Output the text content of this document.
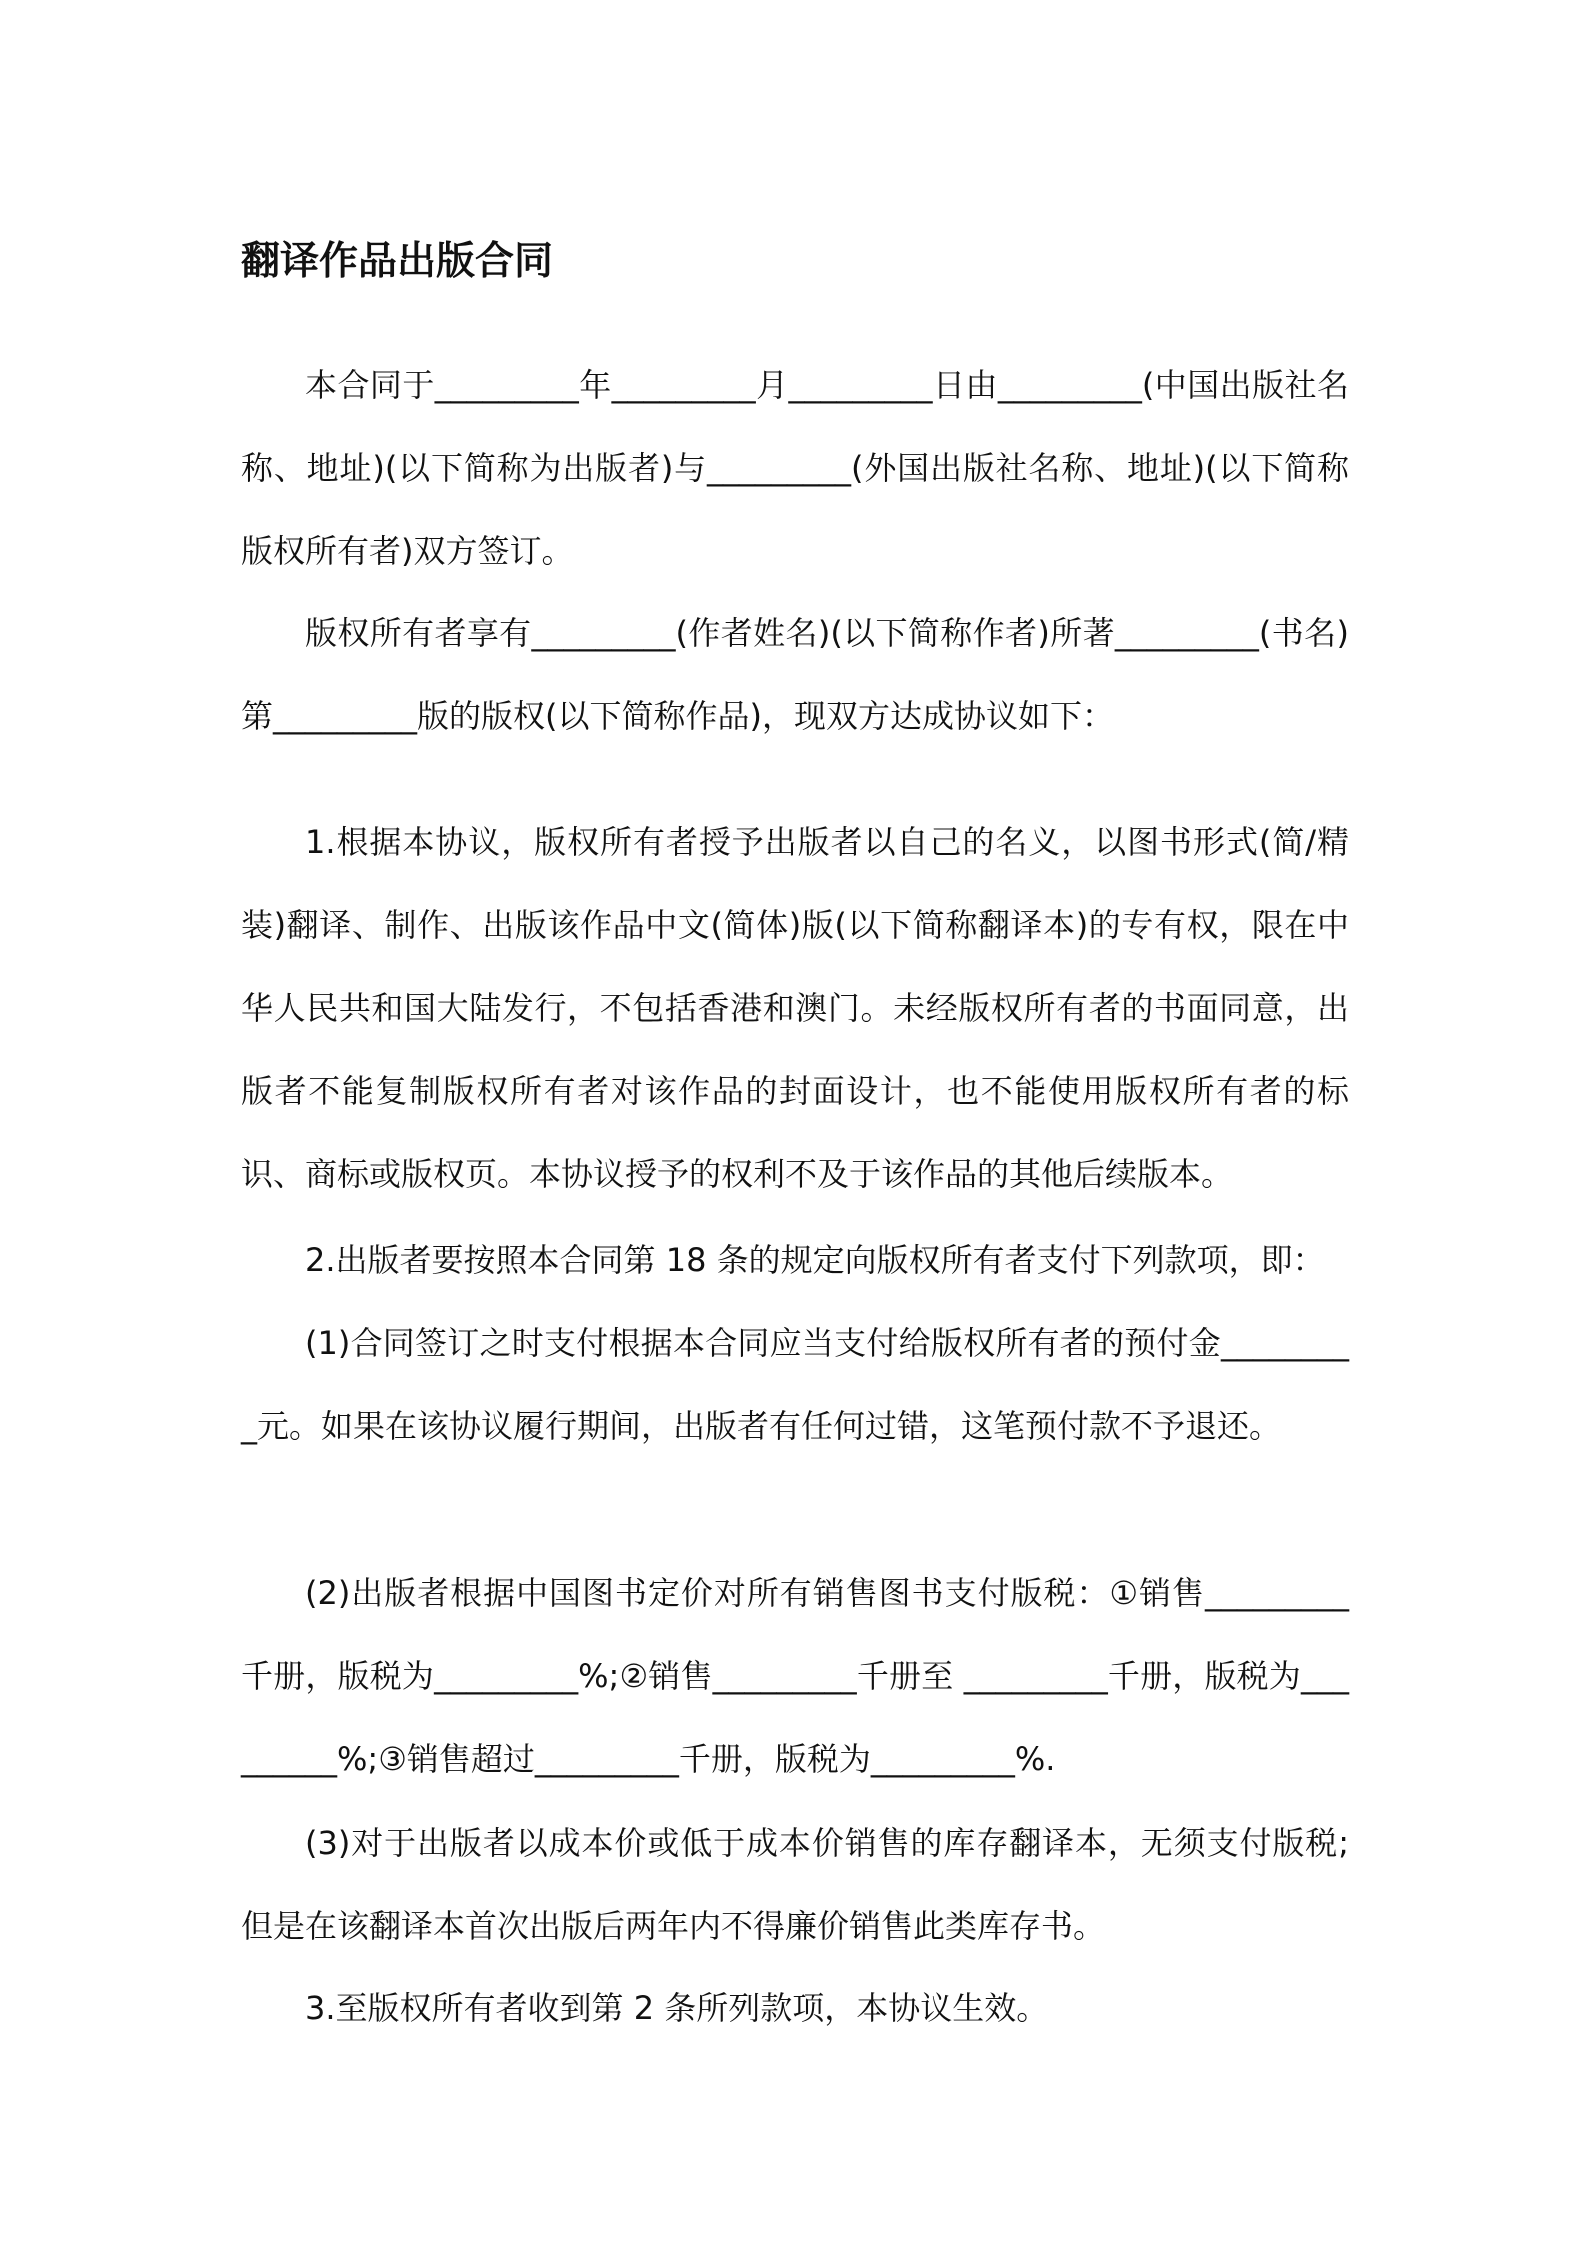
翻译作品出版合同

本合同于_________年_________月_________日由_________(中国出版社名称、地址)(以下简称为出版者)与_________(外国出版社名称、地址)(以下简称版权所有者)双方签订。

版权所有者享有_________(作者姓名)(以下简称作者)所著_________(书名)第_________版的版权(以下简称作品)，现双方达成协议如下：

1.根据本协议，版权所有者授予出版者以自己的名义，以图书形式(简/精装)翻译、制作、出版该作品中文(简体)版(以下简称翻译本)的专有权，限在中华人民共和国大陆发行，不包括香港和澳门。未经版权所有者的书面同意，出版者不能复制版权所有者对该作品的封面设计，也不能使用版权所有者的标识、商标或版权页。本协议授予的权利不及于该作品的其他后续版本。

2.出版者要按照本合同第 18 条的规定向版权所有者支付下列款项，即：

(1)合同签订之时支付根据本合同应当支付给版权所有者的预付金_________元。如果在该协议履行期间，出版者有任何过错，这笔预付款不予退还。

(2)出版者根据中国图书定价对所有销售图书支付版税：①销售_________千册，版税为_________%;②销售_________千册至 _________千册，版税为_________%;③销售超过_________千册，版税为_________%.

(3)对于出版者以成本价或低于成本价销售的库存翻译本，无须支付版税;但是在该翻译本首次出版后两年内不得廉价销售此类库存书。

3.至版权所有者收到第 2 条所列款项，本协议生效。
